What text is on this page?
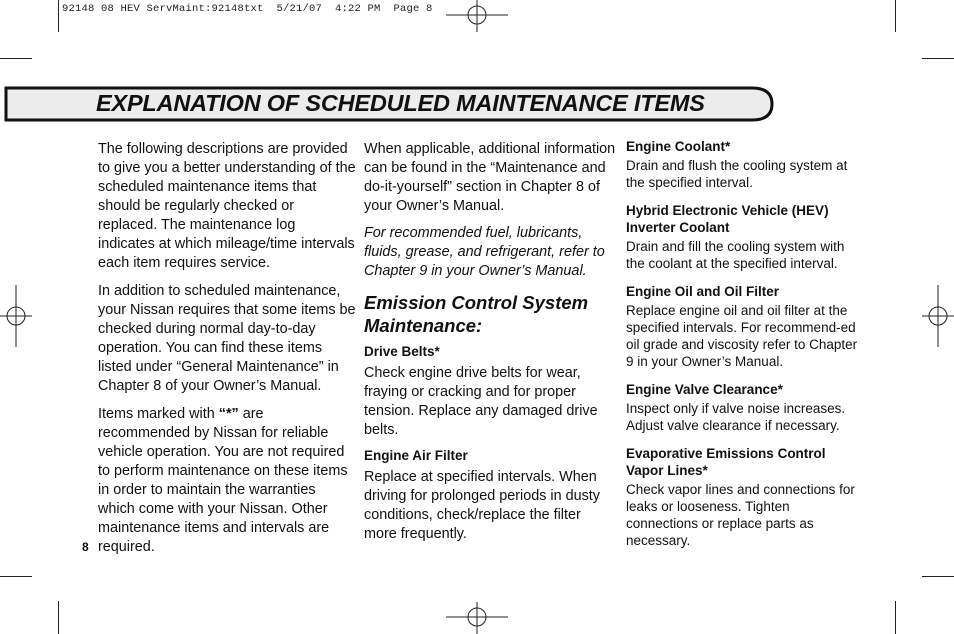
92148 08 HEV ServMaint:92148txt  5/21/07  4:22 PM  Page 8
EXPLANATION OF SCHEDULED MAINTENANCE ITEMS

The following descriptions are provided to give you a better understanding of the scheduled maintenance items that should be regularly checked or replaced. The maintenance log indicates at which mileage/time intervals each item requires service.

In addition to scheduled maintenance, your Nissan requires that some items be checked during normal day-to-day operation. You can find these items listed under “General Maintenance” in Chapter 8 of your Owner’s Manual.

Items marked with “*” are recommended by Nissan for reliable vehicle operation. You are not required to perform maintenance on these items in order to maintain the warranties which come with your Nissan. Other maintenance items and intervals are required.

When applicable, additional information can be found in the “Maintenance and do-it-yourself” section in Chapter 8 of your Owner’s Manual.

For recommended fuel, lubricants, fluids, grease, and refrigerant, refer to Chapter 9 in your Owner’s Manual.

Emission Control System Maintenance:
Drive Belts*

Check engine drive belts for wear, fraying or cracking and for proper tension. Replace any damaged drive belts.

Engine Air Filter

Replace at specified intervals. When driving for prolonged periods in dusty conditions, check/replace the filter more frequently.

Engine Coolant*

Drain and flush the cooling system at the specified interval.

Hybrid Electronic Vehicle (HEV) Inverter Coolant

Drain and fill the cooling system with the coolant at the specified interval.

Engine Oil and Oil Filter

Replace engine oil and oil filter at the specified intervals. For recommend-ed oil grade and viscosity refer to Chapter 9 in your Owner’s Manual.

Engine Valve Clearance*

Inspect only if valve noise increases. Adjust valve clearance if necessary.

Evaporative Emissions Control Vapor Lines*

Check vapor lines and connections for leaks or looseness. Tighten connections or replace parts as necessary.

8
